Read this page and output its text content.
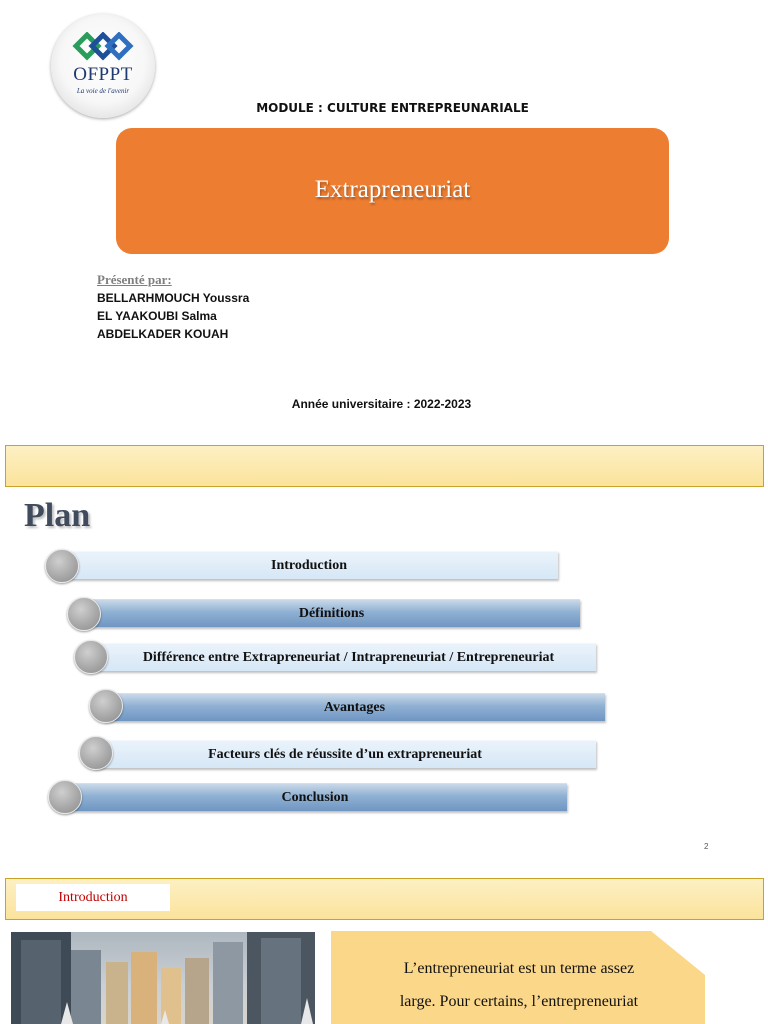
OFPPT
La voie de l'avenir
MODULE : CULTURE ENTREPREUNARIALE
Extrapreneuriat
Présenté par:
BELLARHMOUCH Youssra
EL YAAKOUBI Salma
ABDELKADER KOUAH
Année universitaire : 2022-2023
Plan
Introduction
Définitions
Différence entre Extrapreneuriat / Intrapreneuriat / Entrepreneuriat
Avantages
Facteurs clés de réussite d’un extrapreneuriat
Conclusion
2
Introduction
L’entrepreneuriat est un terme assez
large. Pour certains, l’entrepreneuriat
